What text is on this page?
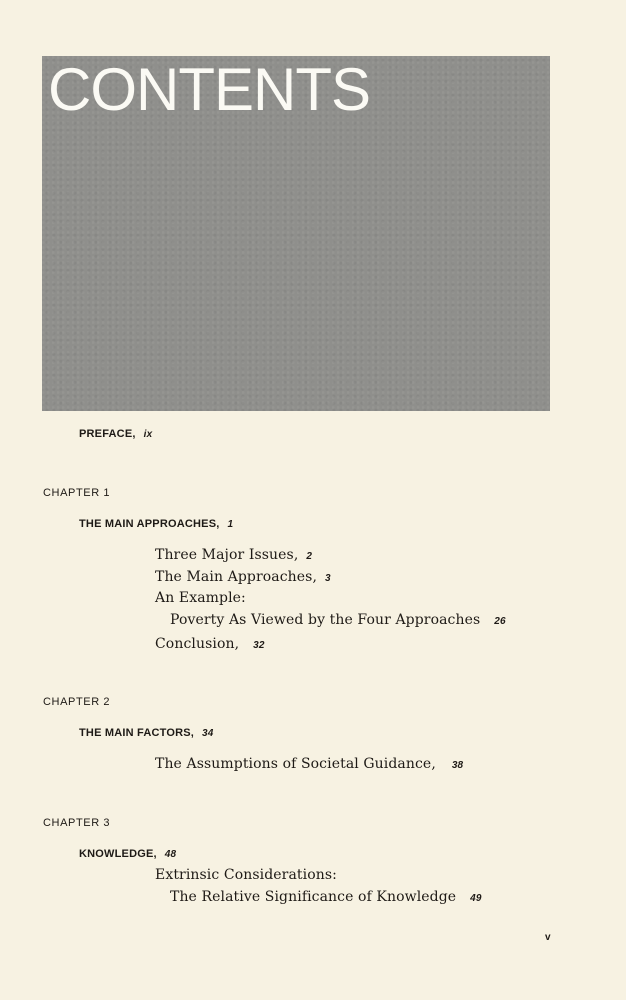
CONTENTS
PREFACE, ix
CHAPTER 1
THE MAIN APPROACHES, 1
Three Major Issues, 2
The Main Approaches, 3
An Example:
Poverty As Viewed by the Four Approaches 26
Conclusion, 32
CHAPTER 2
THE MAIN FACTORS, 34
The Assumptions of Societal Guidance, 38
CHAPTER 3
KNOWLEDGE, 48
Extrinsic Considerations:
The Relative Significance of Knowledge 49
v
